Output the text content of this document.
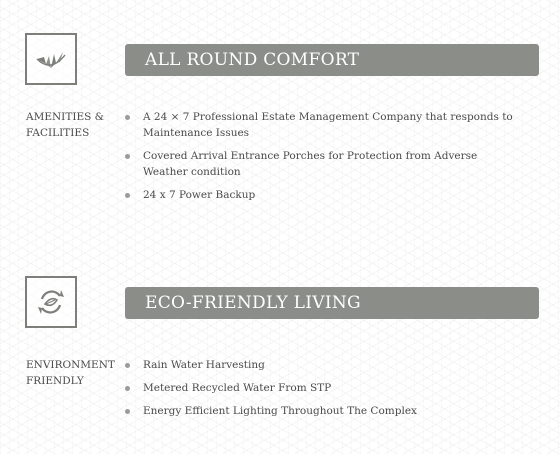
ALL ROUND COMFORT
AMENITIES &
FACILITIES
A 24 × 7 Professional Estate Management Company that responds to Maintenance Issues
Covered Arrival Entrance Porches for Protection from Adverse Weather condition
24 x 7 Power Backup
ECO-FRIENDLY LIVING
ENVIRONMENT
FRIENDLY
Rain Water Harvesting
Metered Recycled Water From STP
Energy Efficient Lighting Throughout The Complex
